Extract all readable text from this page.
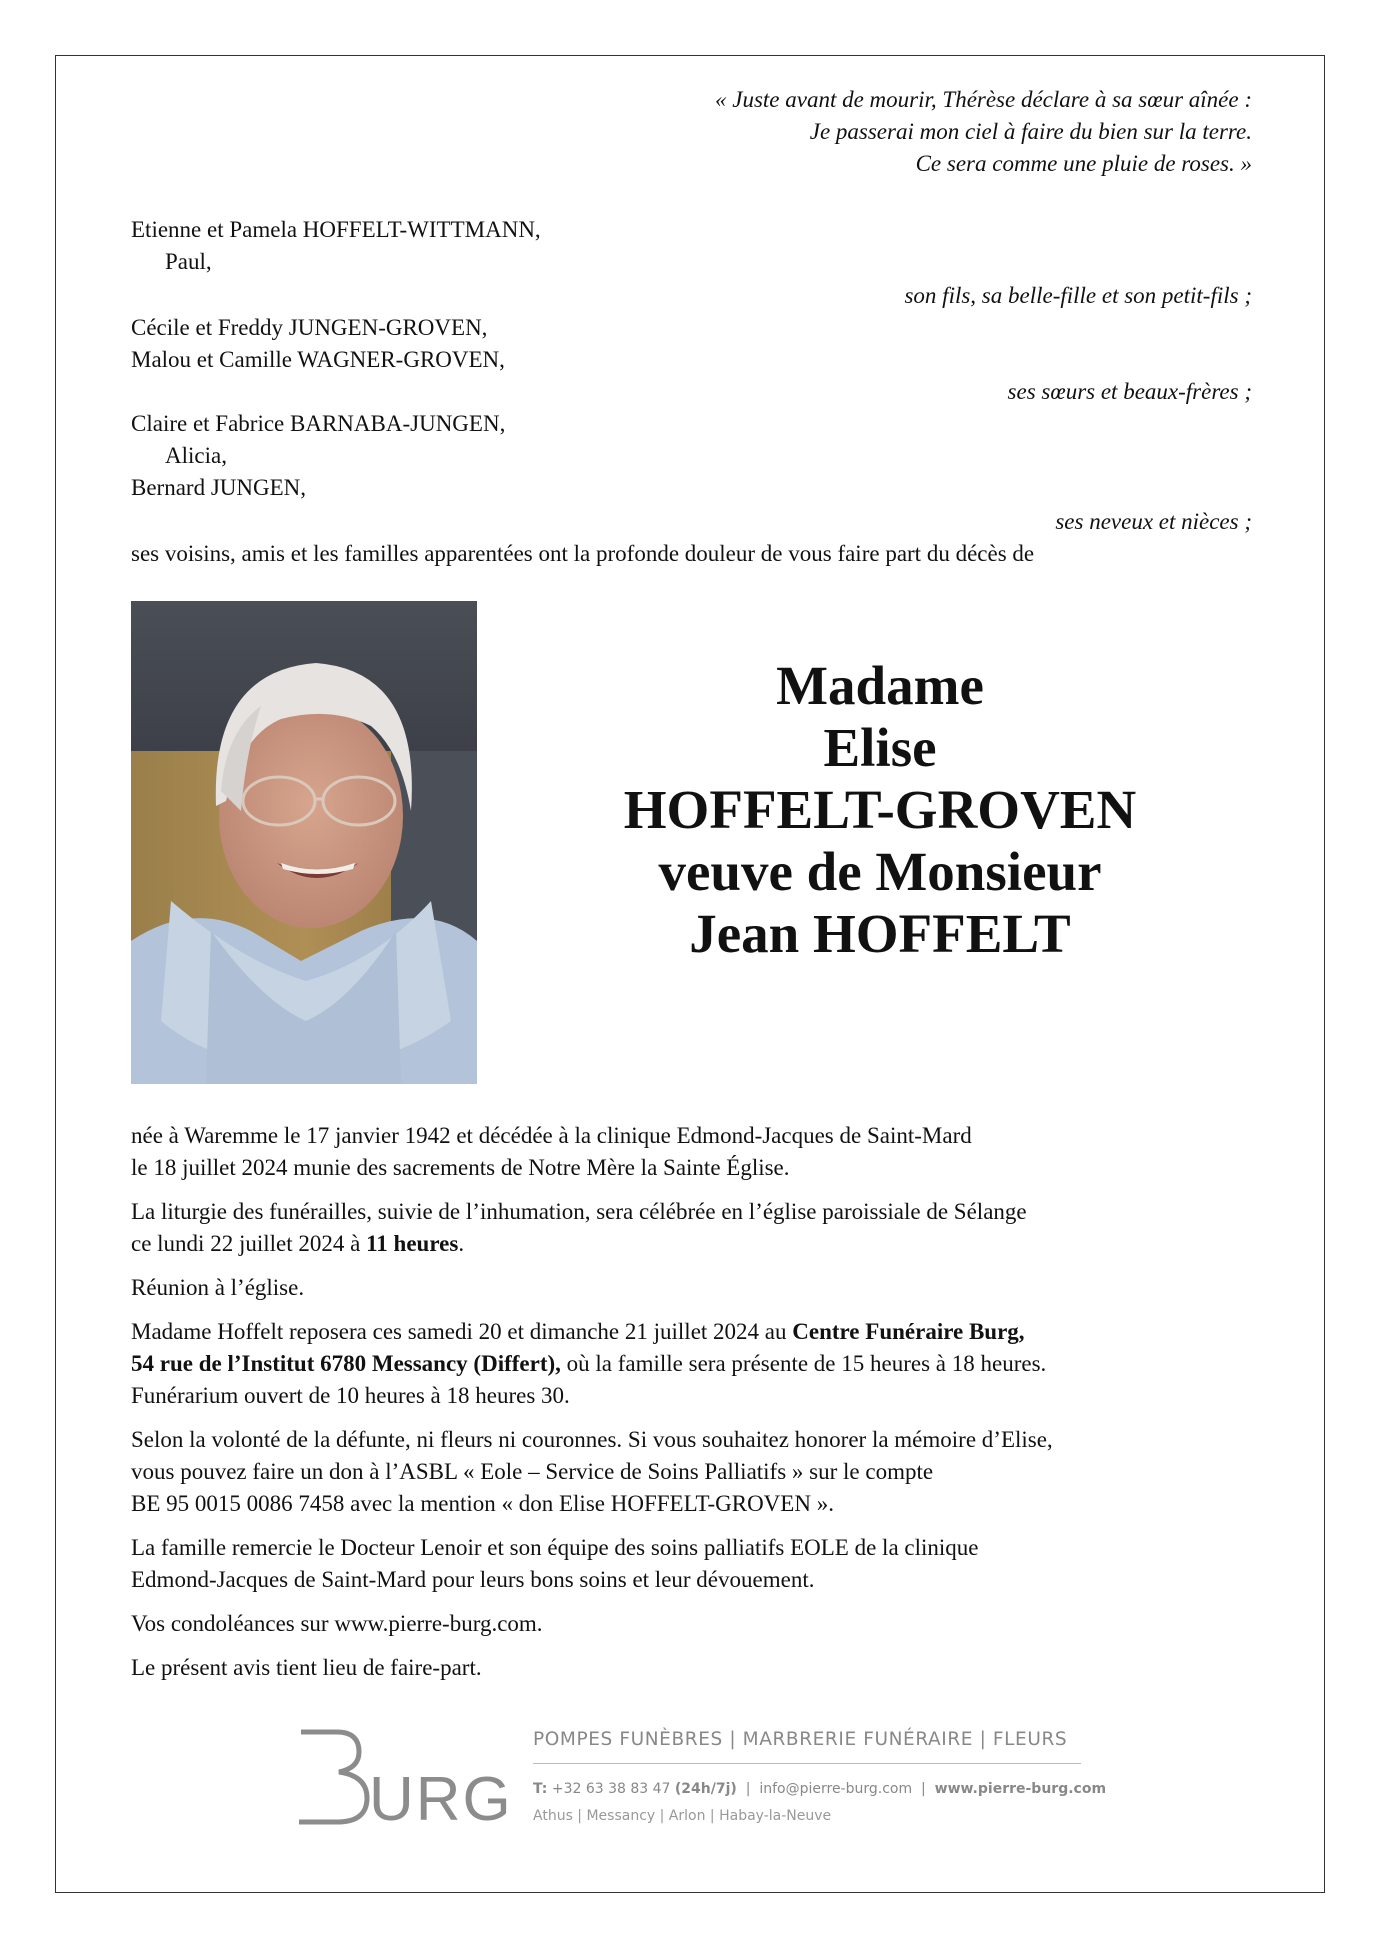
« Juste avant de mourir, Thérèse déclare à sa sœur aînée :
Je passerai mon ciel à faire du bien sur la terre.
Ce sera comme une pluie de roses. »
Etienne et Pamela HOFFELT-WITTMANN,
Paul,
son fils, sa belle-fille et son petit-fils ;
Cécile et Freddy JUNGEN-GROVEN,
Malou et Camille WAGNER-GROVEN,
ses sœurs et beaux-frères ;
Claire et Fabrice BARNABA-JUNGEN,
Alicia,
Bernard JUNGEN,
ses neveux et nièces ;
ses voisins, amis et les familles apparentées ont la profonde douleur de vous faire part du décès de
Madame
Elise
HOFFELT-GROVEN
veuve de Monsieur
Jean HOFFELT
née à Waremme le 17 janvier 1942 et décédée à la clinique Edmond-Jacques de Saint-Mard
le 18 juillet 2024 munie des sacrements de Notre Mère la Sainte Église.
La liturgie des funérailles, suivie de l’inhumation, sera célébrée en l’église paroissiale de Sélange
ce lundi 22 juillet 2024 à 11 heures.
Réunion à l’église.
Madame Hoffelt reposera ces samedi 20 et dimanche 21 juillet 2024 au Centre Funéraire Burg,
54 rue de l’Institut 6780 Messancy (Differt), où la famille sera présente de 15 heures à 18 heures.
Funérarium ouvert de 10 heures à 18 heures 30.
Selon la volonté de la défunte, ni fleurs ni couronnes. Si vous souhaitez honorer la mémoire d’Elise,
vous pouvez faire un don à l’ASBL « Eole – Service de Soins Palliatifs » sur le compte
BE 95 0015 0086 7458 avec la mention « don Elise HOFFELT-GROVEN ».
La famille remercie le Docteur Lenoir et son équipe des soins palliatifs EOLE de la clinique
Edmond-Jacques de Saint-Mard pour leurs bons soins et leur dévouement.
Vos condoléances sur www.pierre-burg.com.
Le présent avis tient lieu de faire-part.
URG
POMPES FUNÈBRES | MARBRERIE FUNÉRAIRE | FLEURS
T: +32 63 38 83 47 (24h/7j)  |  info@pierre-burg.com  |  www.pierre-burg.com
Athus | Messancy | Arlon | Habay-la-Neuve
